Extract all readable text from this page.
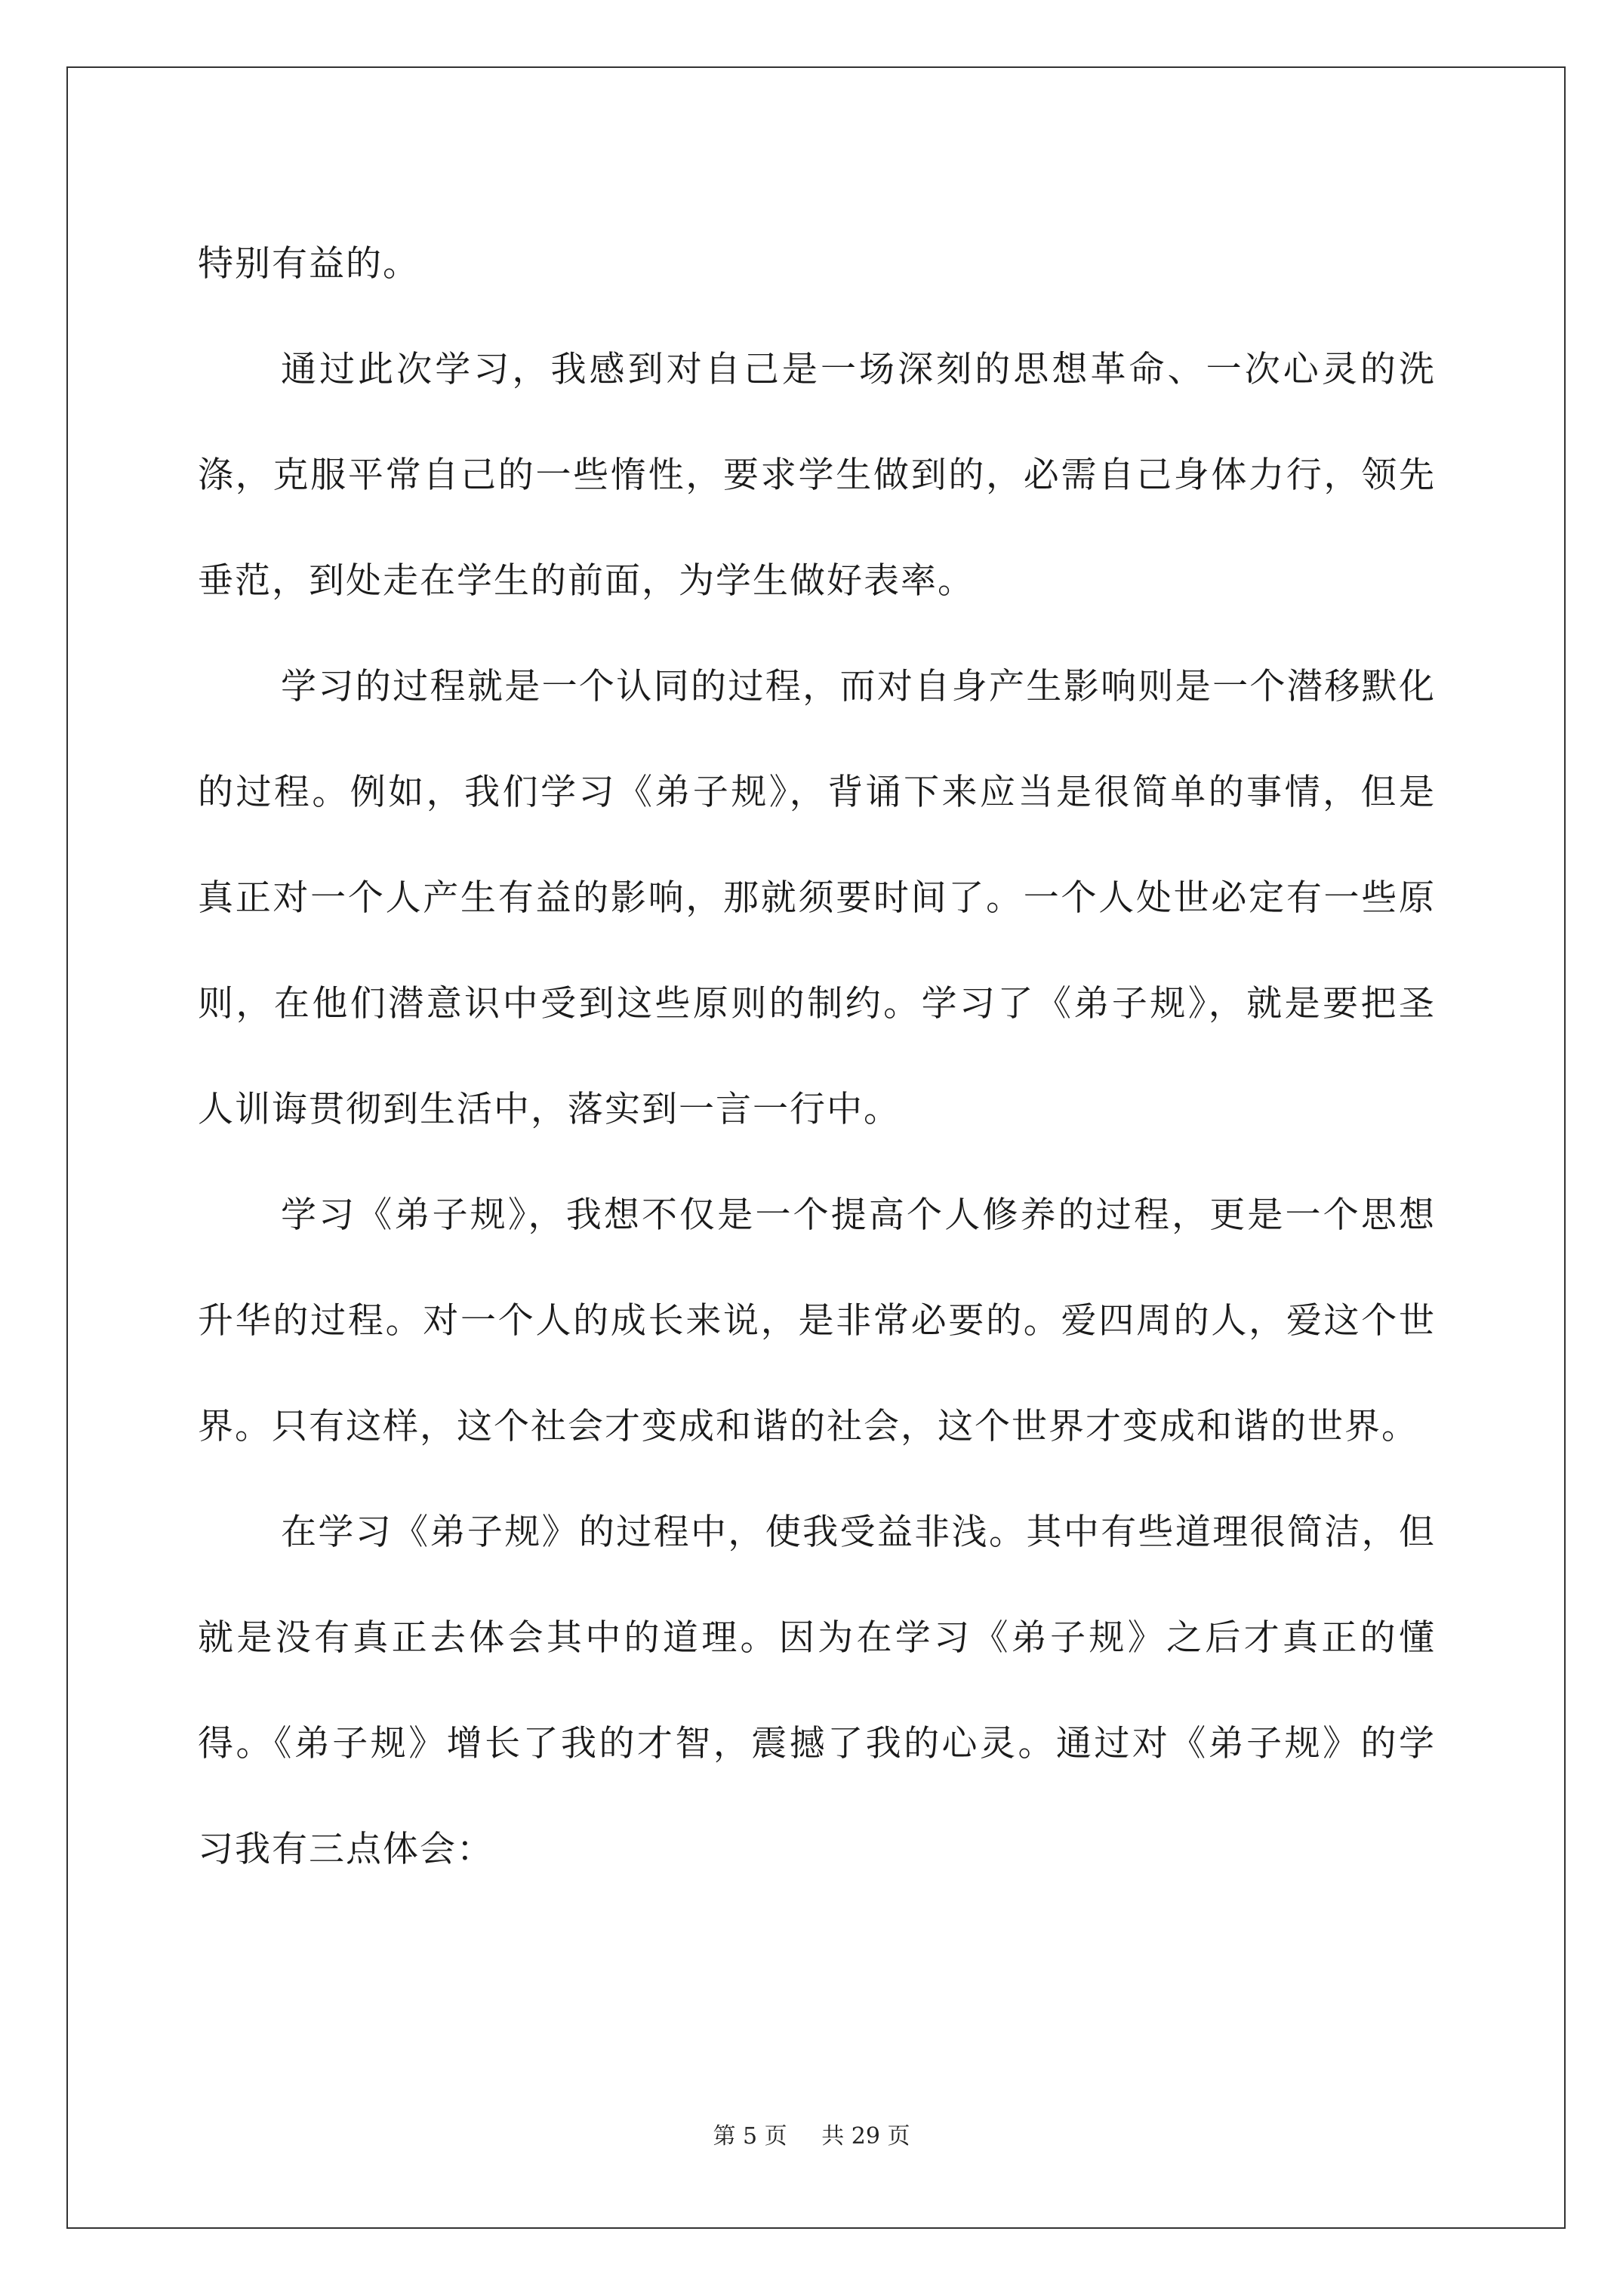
特别有益的。

通过此次学习，我感到对自己是一场深刻的思想革命、一次心灵的洗涤，克服平常自己的一些惰性，要求学生做到的，必需自己身体力行，领先垂范，到处走在学生的前面，为学生做好表率。

学习的过程就是一个认同的过程，而对自身产生影响则是一个潜移默化的过程。例如，我们学习《弟子规》，背诵下来应当是很简单的事情，但是真正对一个人产生有益的影响，那就须要时间了。一个人处世必定有一些原则，在他们潜意识中受到这些原则的制约。学习了《弟子规》，就是要把圣人训诲贯彻到生活中，落实到一言一行中。

学习《弟子规》，我想不仅是一个提高个人修养的过程，更是一个思想升华的过程。对一个人的成长来说，是非常必要的。爱四周的人，爱这个世界。只有这样，这个社会才变成和谐的社会，这个世界才变成和谐的世界。

在学习《弟子规》的过程中，使我受益非浅。其中有些道理很简洁，但就是没有真正去体会其中的道理。因为在学习《弟子规》之后才真正的懂得。《弟子规》增长了我的才智，震撼了我的心灵。通过对《弟子规》的学习我有三点体会：

第 5 页 共 29 页
